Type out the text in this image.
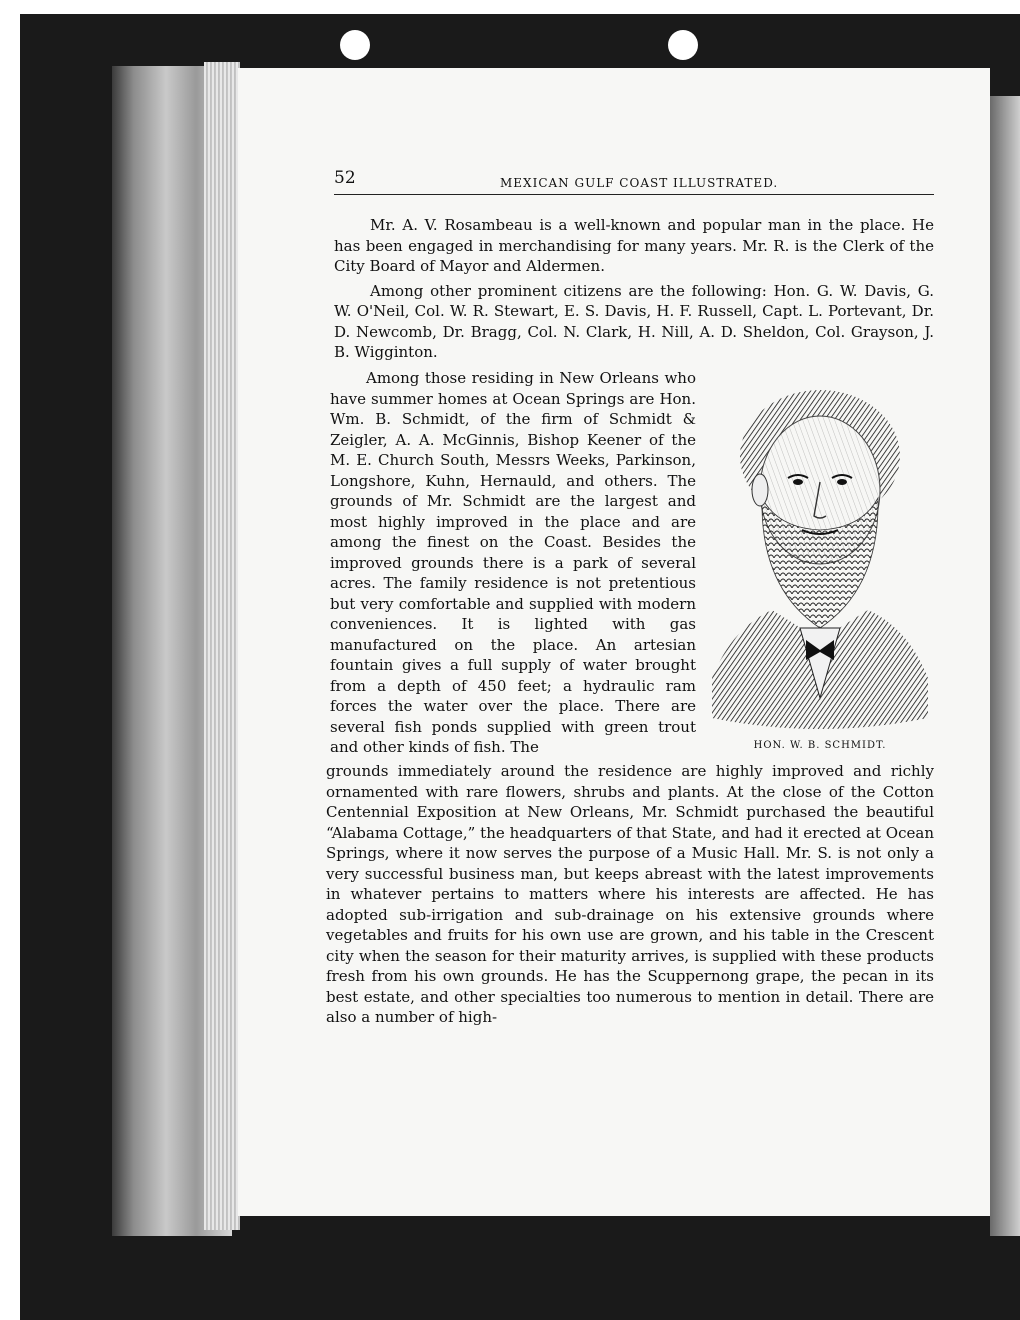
52	MEXICAN GULF COAST ILLUSTRATED.

Mr. A. V. Rosambeau is a well-known and popular man in the place. He has been engaged in merchandising for many years. Mr. R. is the Clerk of the City Board of Mayor and Aldermen.

Among other prominent citizens are the following: Hon. G. W. Davis, G. W. O'Neil, Col. W. R. Stewart, E. S. Davis, H. F. Russell, Capt. L. Portevant, Dr. D. Newcomb, Dr. Bragg, Col. N. Clark, H. Nill, A. D. Sheldon, Col. Grayson, J. B. Wigginton.

Among those residing in New Orleans who have summer homes at Ocean Springs are Hon. Wm. B. Schmidt, of the firm of Schmidt & Zeigler, A. A. McGinnis, Bishop Keener of the M. E. Church South, Messrs Weeks, Parkinson, Longshore, Kuhn, Hernauld, and others. The grounds of Mr. Schmidt are the largest and most highly improved in the place and are among the finest on the Coast. Besides the improved grounds there is a park of several acres. The family residence is not pretentious but very comfortable and supplied with modern conveniences. It is lighted with gas manufactured on the place. An artesian fountain gives a full supply of water brought from a depth of 450 feet; a hydraulic ram forces the water over the place. There are several fish ponds supplied with green trout and other kinds of fish. The	HON. W. B. SCHMIDT.

grounds immediately around the residence are highly improved and richly ornamented with rare flowers, shrubs and plants. At the close of the Cotton Centennial Exposition at New Orleans, Mr. Schmidt purchased the beautiful “Alabama Cottage,” the headquarters of that State, and had it erected at Ocean Springs, where it now serves the purpose of a Music Hall. Mr. S. is not only a very successful business man, but keeps abreast with the latest improvements in whatever pertains to matters where his interests are affected. He has adopted sub-irrigation and sub-drainage on his extensive grounds where vegetables and fruits for his own use are grown, and his table in the Crescent city when the season for their maturity arrives, is supplied with these products fresh from his own grounds. He has the Scuppernong grape, the pecan in its best estate, and other specialties too numerous to mention in detail. There are also a number of high-
